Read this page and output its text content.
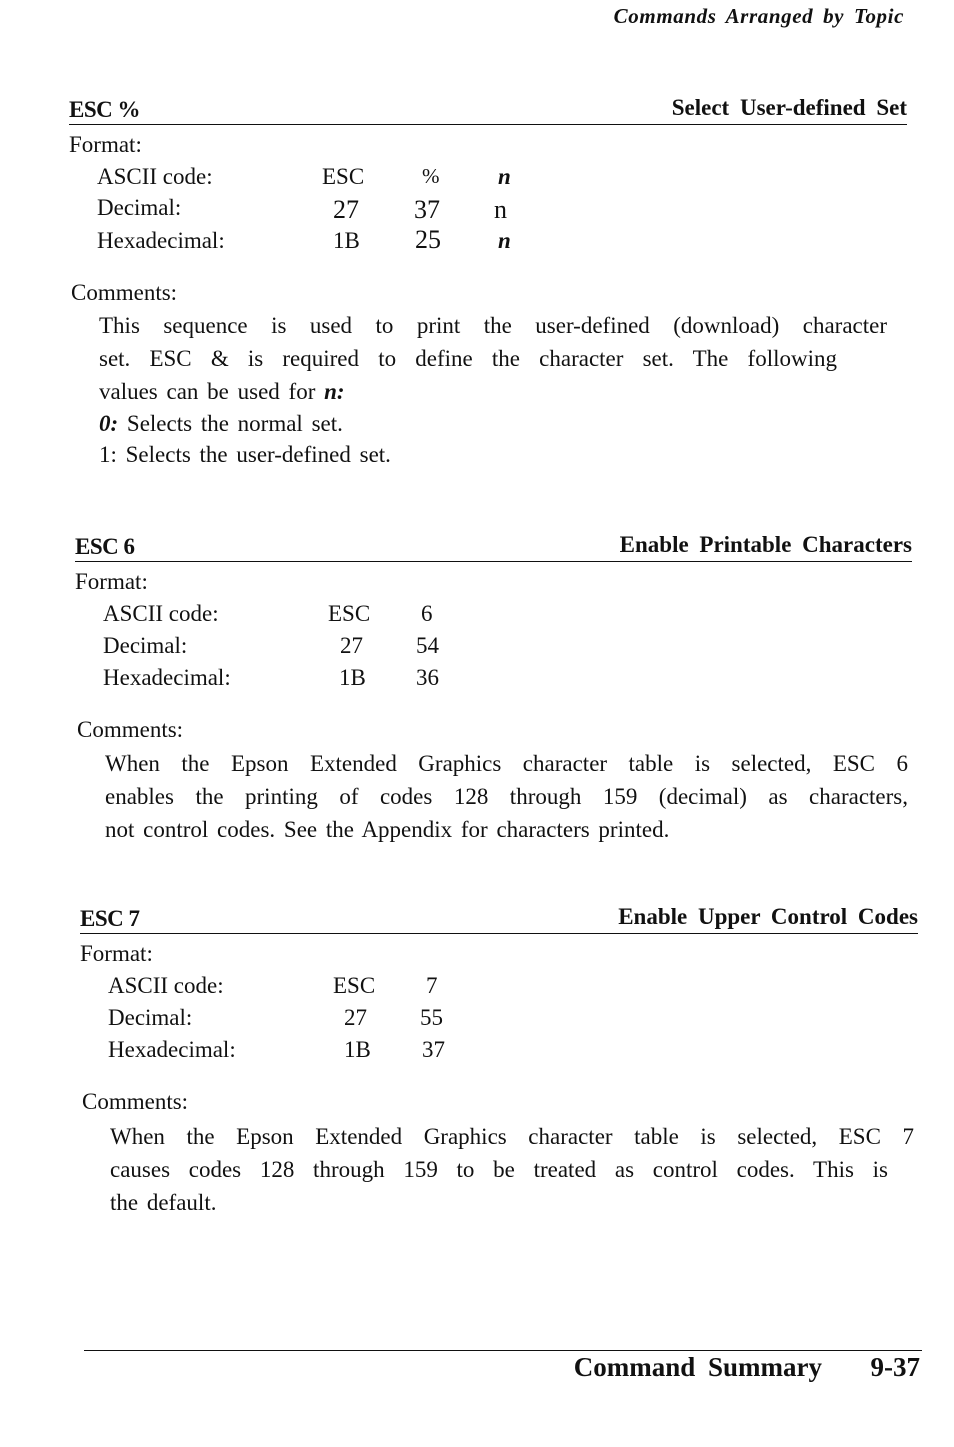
Commands Arranged by Topic
ESC %	Select User-defined Set
Format:
ASCII code:	ESC	%	n
Decimal:	27 37 n
Hexadecimal:	1B 25 n
Comments:
This sequence is used to print the user-defined (download) character
set. ESC & is required to define the character set. The following
values can be used for n:
0: Selects the normal set.
1: Selects the user-defined set.
ESC 6	Enable Printable Characters
Format:
ASCII code:	ESC 6
Decimal:	27 54
Hexadecimal:	1B 36
Comments:
When the Epson Extended Graphics character table is selected, ESC 6
enables the printing of codes 128 through 159 (decimal) as characters,
not control codes. See the Appendix for characters printed.
ESC 7	Enable Upper Control Codes
Format:
ASCII code:	ESC 7
Decimal:	27 55
Hexadecimal:	1B 37
Comments:
When the Epson Extended Graphics character table is selected, ESC 7
causes codes 128 through 159 to be treated as control codes. This is
the default.
Command Summary 9-37
